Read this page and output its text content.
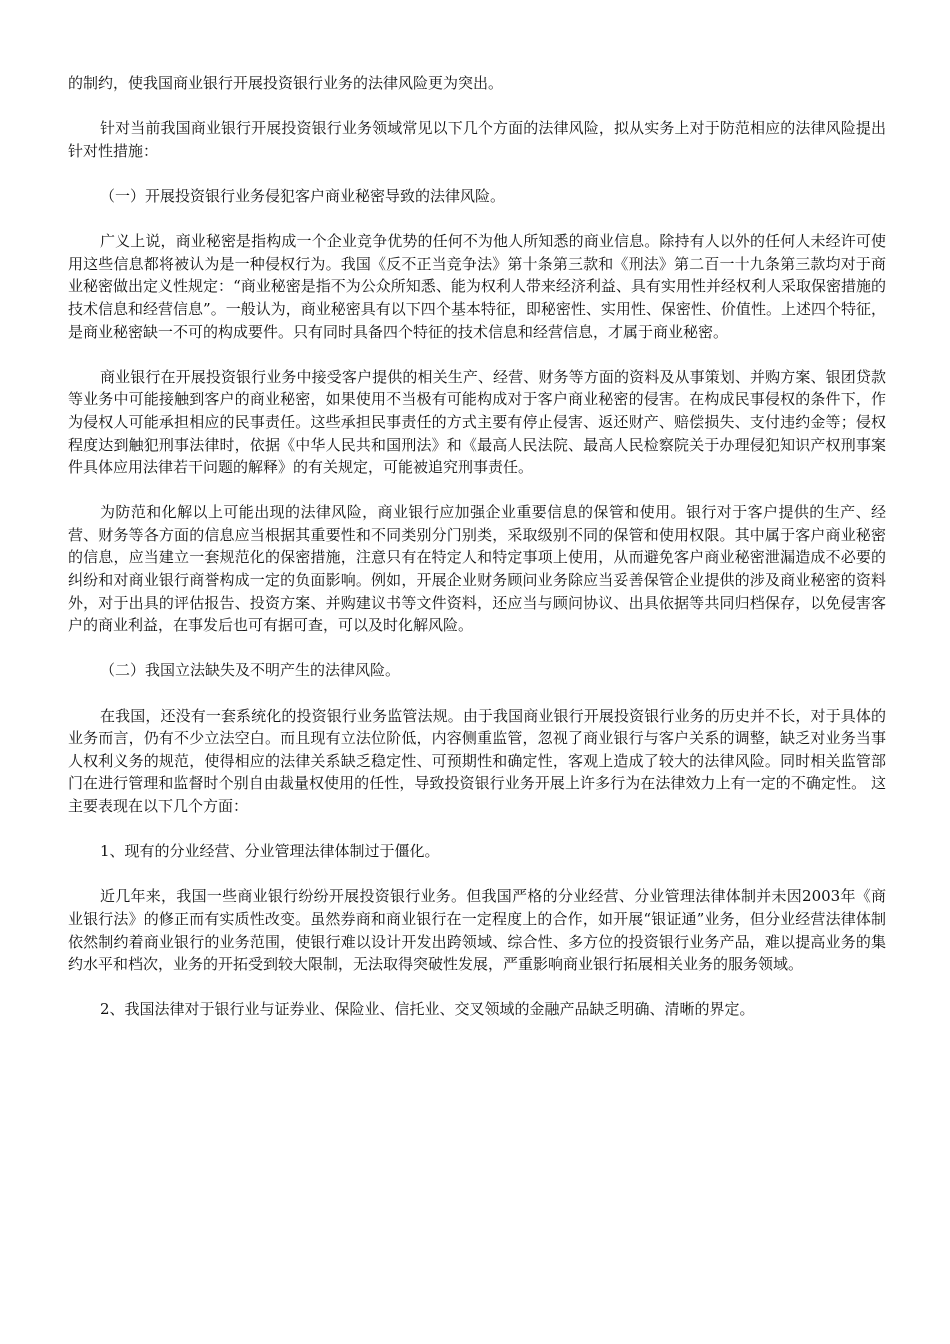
的制约，使我国商业银行开展投资银行业务的法律风险更为突出。

针对当前我国商业银行开展投资银行业务领域常见以下几个方面的法律风险，拟从实务上对于防范相应的法律风险提出针对性措施：

（一）开展投资银行业务侵犯客户商业秘密导致的法律风险。

广义上说，商业秘密是指构成一个企业竞争优势的任何不为他人所知悉的商业信息。除持有人以外的任何人未经许可使用这些信息都将被认为是一种侵权行为。我国《反不正当竞争法》第十条第三款和《刑法》第二百一十九条第三款均对于商业秘密做出定义性规定：“商业秘密是指不为公众所知悉、能为权利人带来经济利益、具有实用性并经权利人采取保密措施的技术信息和经营信息”。一般认为，商业秘密具有以下四个基本特征，即秘密性、实用性、保密性、价值性。上述四个特征，是商业秘密缺一不可的构成要件。只有同时具备四个特征的技术信息和经营信息，才属于商业秘密。

商业银行在开展投资银行业务中接受客户提供的相关生产、经营、财务等方面的资料及从事策划、并购方案、银团贷款等业务中可能接触到客户的商业秘密，如果使用不当极有可能构成对于客户商业秘密的侵害。在构成民事侵权的条件下，作为侵权人可能承担相应的民事责任。这些承担民事责任的方式主要有停止侵害、返还财产、赔偿损失、支付违约金等；侵权程度达到触犯刑事法律时，依据《中华人民共和国刑法》和《最高人民法院、最高人民检察院关于办理侵犯知识产权刑事案件具体应用法律若干问题的解释》的有关规定，可能被追究刑事责任。

为防范和化解以上可能出现的法律风险，商业银行应加强企业重要信息的保管和使用。银行对于客户提供的生产、经营、财务等各方面的信息应当根据其重要性和不同类别分门别类，采取级别不同的保管和使用权限。其中属于客户商业秘密的信息，应当建立一套规范化的保密措施，注意只有在特定人和特定事项上使用，从而避免客户商业秘密泄漏造成不必要的纠纷和对商业银行商誉构成一定的负面影响。例如，开展企业财务顾问业务除应当妥善保管企业提供的涉及商业秘密的资料外，对于出具的评估报告、投资方案、并购建议书等文件资料，还应当与顾问协议、出具依据等共同归档保存，以免侵害客户的商业利益，在事发后也可有据可查，可以及时化解风险。

（二）我国立法缺失及不明产生的法律风险。

在我国，还没有一套系统化的投资银行业务监管法规。由于我国商业银行开展投资银行业务的历史并不长，对于具体的业务而言，仍有不少立法空白。而且现有立法位阶低，内容侧重监管，忽视了商业银行与客户关系的调整，缺乏对业务当事人权利义务的规范，使得相应的法律关系缺乏稳定性、可预期性和确定性，客观上造成了较大的法律风险。同时相关监管部门在进行管理和监督时个别自由裁量权使用的任性，导致投资银行业务开展上许多行为在法律效力上有一定的不确定性。 这主要表现在以下几个方面：

1、现有的分业经营、分业管理法律体制过于僵化。

近几年来，我国一些商业银行纷纷开展投资银行业务。但我国严格的分业经营、分业管理法律体制并未因2003年《商业银行法》的修正而有实质性改变。虽然券商和商业银行在一定程度上的合作，如开展“银证通”业务，但分业经营法律体制依然制约着商业银行的业务范围，使银行难以设计开发出跨领域、综合性、多方位的投资银行业务产品，难以提高业务的集约水平和档次，业务的开拓受到较大限制，无法取得突破性发展，严重影响商业银行拓展相关业务的服务领域。

2、我国法律对于银行业与证券业、保险业、信托业、交叉领域的金融产品缺乏明确、清晰的界定。
